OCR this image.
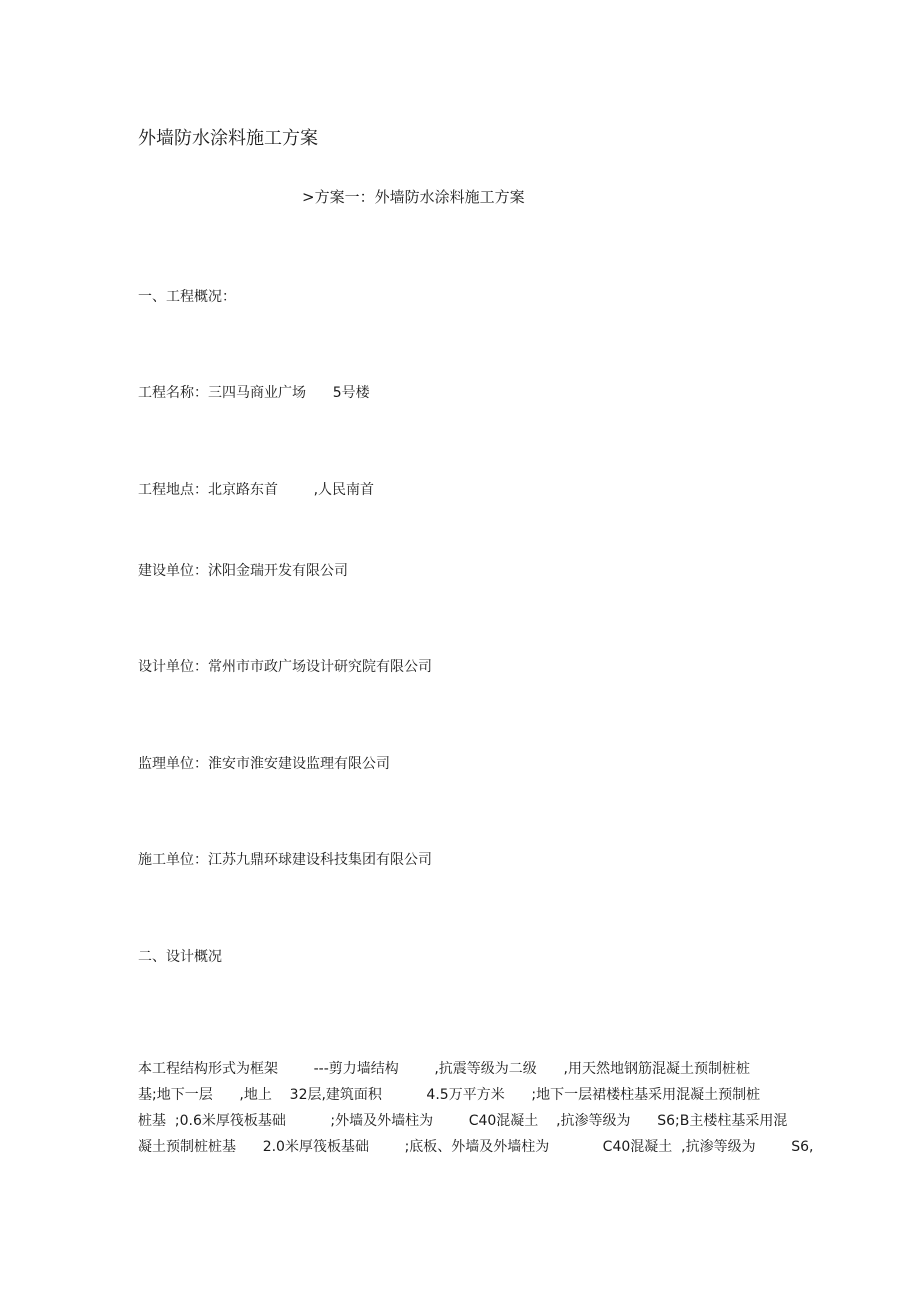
外墙防水涂料施工方案

>方案一：外墙防水涂料施工方案

一、工程概况：

工程名称：三四马商业广场      5号楼

工程地点：北京路东首        ,人民南首

建设单位：沭阳金瑞开发有限公司

设计单位：常州市市政广场设计研究院有限公司

监理单位：淮安市淮安建设监理有限公司

施工单位：江苏九鼎环球建设科技集团有限公司

二、设计概况

本工程结构形式为框架        ---剪力墙结构        ,抗震等级为二级      ,用天然地钢筋混凝土预制桩桩
基;地下一层      ,地上    32层,建筑面积          4.5万平方米      ;地下一层裙楼柱基采用混凝土预制桩
桩基  ;0.6米厚筏板基础          ;外墙及外墙柱为        C40混凝土    ,抗渗等级为      S6;B主楼柱基采用混
凝土预制桩桩基      2.0米厚筏板基础        ;底板、外墙及外墙柱为            C40混凝土  ,抗渗等级为        S6,
